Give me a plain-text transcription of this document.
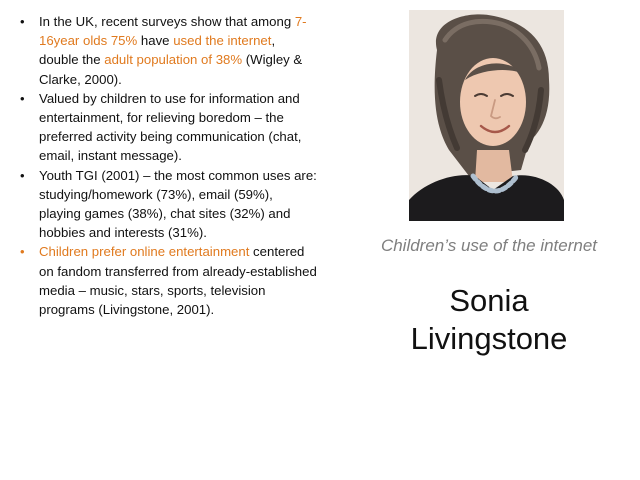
• In the UK, recent surveys show that among 7-16year olds 75% have used the internet, double the adult population of 38% (Wigley & Clarke, 2000).
• Valued by children to use for information and entertainment, for relieving boredom – the preferred activity being communication (chat, email, instant message).
• Youth TGI (2001) – the most common uses are: studying/homework (73%), email (59%), playing games (38%), chat sites (32%) and hobbies and interests (31%).
• Children prefer online entertainment centered on fandom transferred from already-established media – music, stars, sports, television programs (Livingstone, 2001).
Children’s use of the internet
Sonia
Livingstone
